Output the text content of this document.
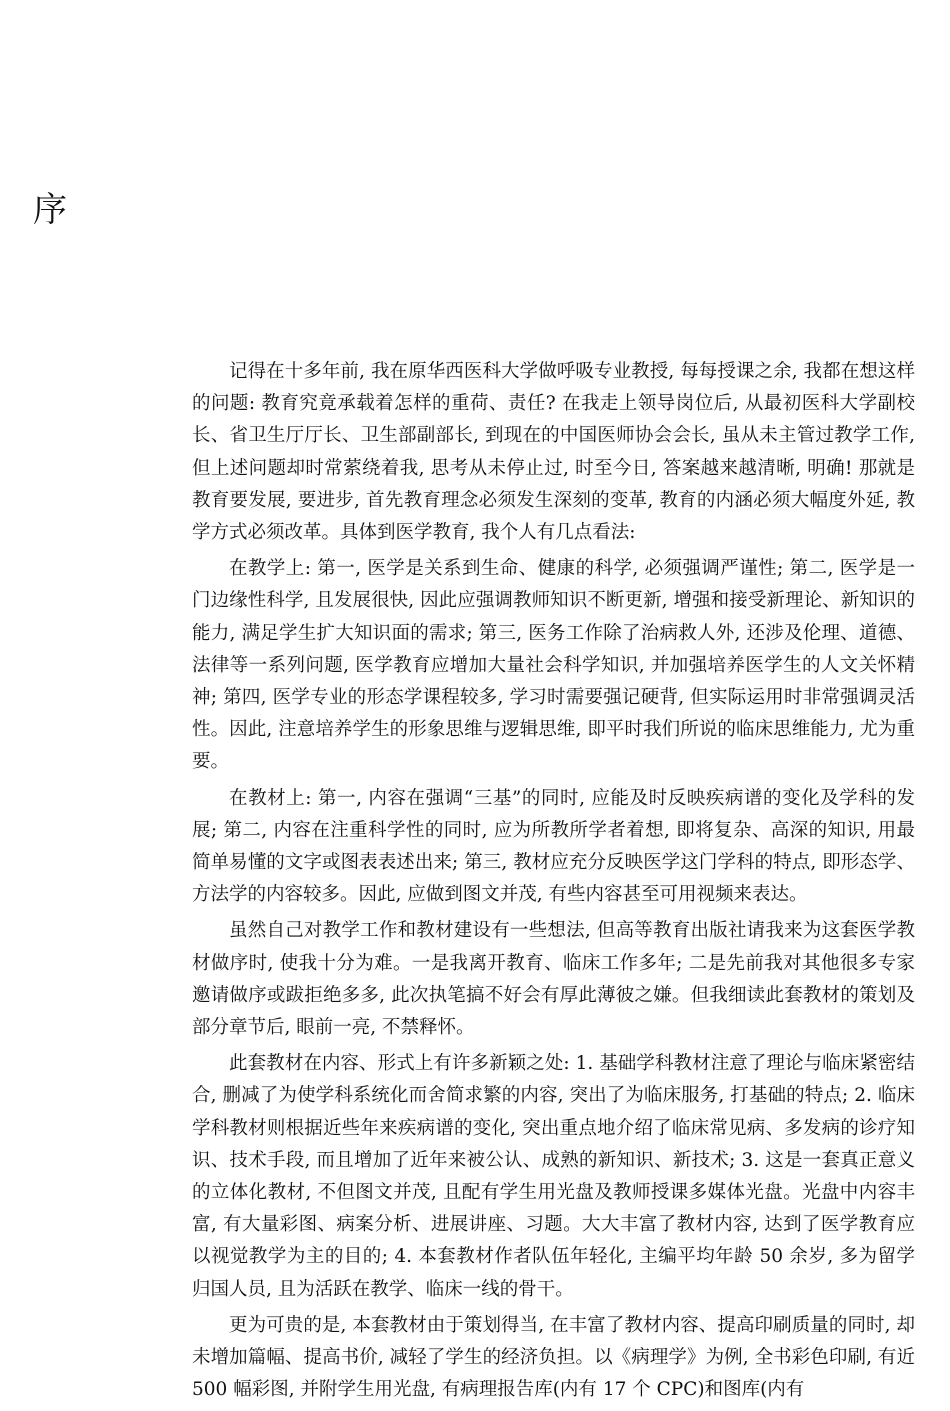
序

记得在十多年前, 我在原华西医科大学做呼吸专业教授, 每每授课之余, 我都在想这样的问题: 教育究竟承载着怎样的重荷、责任? 在我走上领导岗位后, 从最初医科大学副校长、省卫生厅厅长、卫生部副部长, 到现在的中国医师协会会长, 虽从未主管过教学工作, 但上述问题却时常萦绕着我, 思考从未停止过, 时至今日, 答案越来越清晰, 明确! 那就是教育要发展, 要进步, 首先教育理念必须发生深刻的变革, 教育的内涵必须大幅度外延, 教学方式必须改革。具体到医学教育, 我个人有几点看法:

在教学上: 第一, 医学是关系到生命、健康的科学, 必须强调严谨性; 第二, 医学是一门边缘性科学, 且发展很快, 因此应强调教师知识不断更新, 增强和接受新理论、新知识的能力, 满足学生扩大知识面的需求; 第三, 医务工作除了治病救人外, 还涉及伦理、道德、法律等一系列问题, 医学教育应增加大量社会科学知识, 并加强培养医学生的人文关怀精神; 第四, 医学专业的形态学课程较多, 学习时需要强记硬背, 但实际运用时非常强调灵活性。因此, 注意培养学生的形象思维与逻辑思维, 即平时我们所说的临床思维能力, 尤为重要。

在教材上: 第一, 内容在强调“三基”的同时, 应能及时反映疾病谱的变化及学科的发展; 第二, 内容在注重科学性的同时, 应为所教所学者着想, 即将复杂、高深的知识, 用最简单易懂的文字或图表表述出来; 第三, 教材应充分反映医学这门学科的特点, 即形态学、方法学的内容较多。因此, 应做到图文并茂, 有些内容甚至可用视频来表达。

虽然自己对教学工作和教材建设有一些想法, 但高等教育出版社请我来为这套医学教材做序时, 使我十分为难。一是我离开教育、临床工作多年; 二是先前我对其他很多专家邀请做序或跋拒绝多多, 此次执笔搞不好会有厚此薄彼之嫌。但我细读此套教材的策划及部分章节后, 眼前一亮, 不禁释怀。

此套教材在内容、形式上有许多新颖之处: 1. 基础学科教材注意了理论与临床紧密结合, 删减了为使学科系统化而舍简求繁的内容, 突出了为临床服务, 打基础的特点; 2. 临床学科教材则根据近些年来疾病谱的变化, 突出重点地介绍了临床常见病、多发病的诊疗知识、技术手段, 而且增加了近年来被公认、成熟的新知识、新技术; 3. 这是一套真正意义的立体化教材, 不但图文并茂, 且配有学生用光盘及教师授课多媒体光盘。光盘中内容丰富, 有大量彩图、病案分析、进展讲座、习题。大大丰富了教材内容, 达到了医学教育应以视觉教学为主的目的; 4. 本套教材作者队伍年轻化, 主编平均年龄 50 余岁, 多为留学归国人员, 且为活跃在教学、临床一线的骨干。

更为可贵的是, 本套教材由于策划得当, 在丰富了教材内容、提高印刷质量的同时, 却未增加篇幅、提高书价, 减轻了学生的经济负担。以《病理学》为例, 全书彩色印刷, 有近 500 幅彩图, 并附学生用光盘, 有病理报告库(内有 17 个 CPC)和图库(内有
